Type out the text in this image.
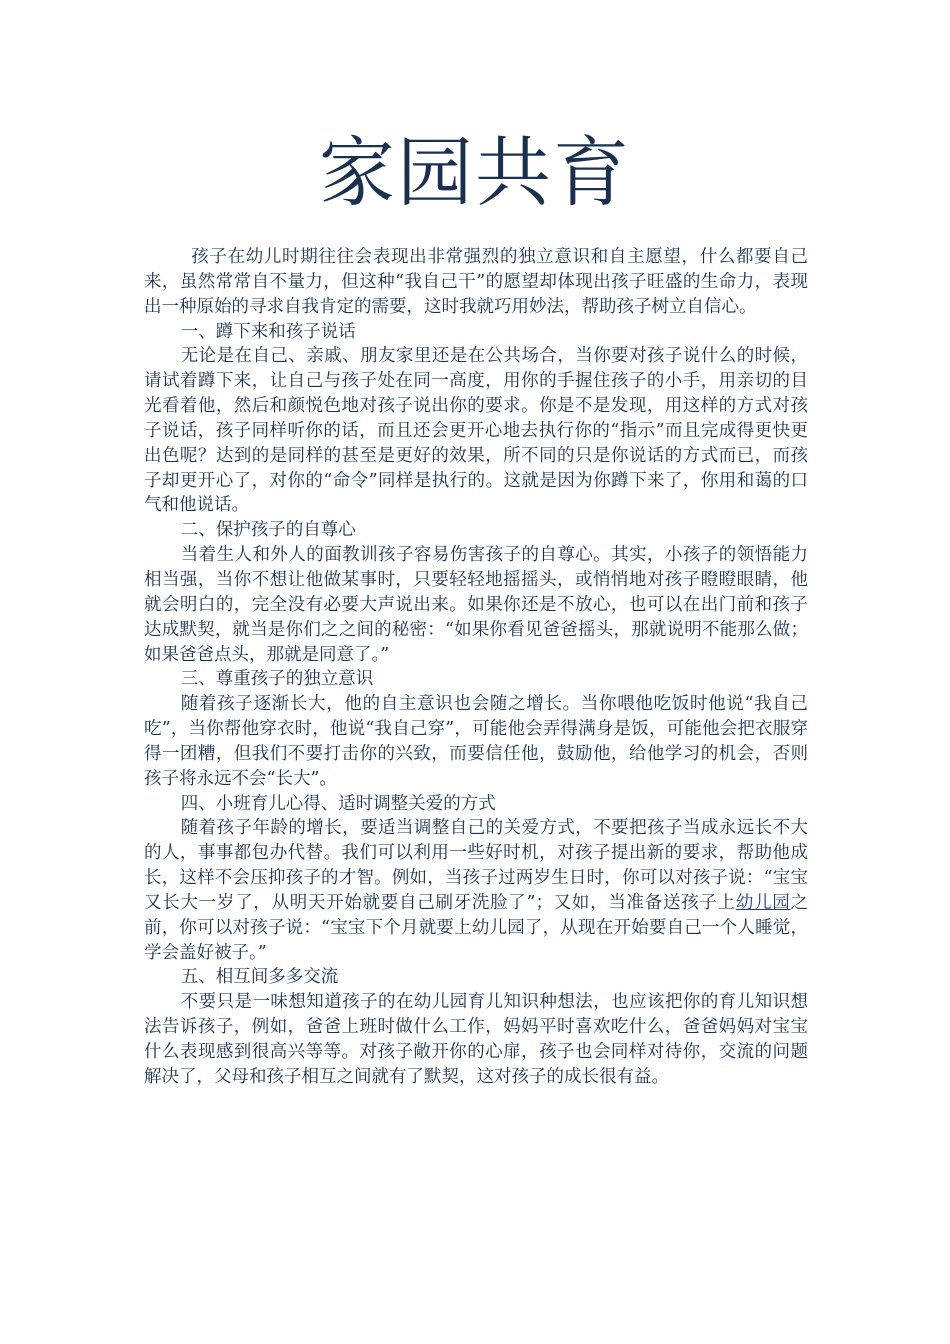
家园共育

孩子在幼儿时期往往会表现出非常强烈的独立意识和自主愿望，什么都要自己来，虽然常常自不量力，但这种“我自己干”的愿望却体现出孩子旺盛的生命力，表现出一种原始的寻求自我肯定的需要，这时我就巧用妙法，帮助孩子树立自信心。

一、蹲下来和孩子说话

无论是在自己、亲戚、朋友家里还是在公共场合，当你要对孩子说什么的时候，请试着蹲下来，让自己与孩子处在同一高度，用你的手握住孩子的小手，用亲切的目光看着他，然后和颜悦色地对孩子说出你的要求。你是不是发现，用这样的方式对孩子说话，孩子同样听你的话，而且还会更开心地去执行你的“指示”而且完成得更快更出色呢？达到的是同样的甚至是更好的效果，所不同的只是你说话的方式而已，而孩子却更开心了，对你的“命令”同样是执行的。这就是因为你蹲下来了，你用和蔼的口气和他说话。

二、保护孩子的自尊心

当着生人和外人的面教训孩子容易伤害孩子的自尊心。其实，小孩子的领悟能力相当强，当你不想让他做某事时，只要轻轻地摇摇头，或悄悄地对孩子瞪瞪眼睛，他就会明白的，完全没有必要大声说出来。如果你还是不放心，也可以在出门前和孩子达成默契，就当是你们之之间的秘密：“如果你看见爸爸摇头，那就说明不能那么做；如果爸爸点头，那就是同意了。”

三、尊重孩子的独立意识

随着孩子逐渐长大，他的自主意识也会随之增长。当你喂他吃饭时他说“我自己吃”，当你帮他穿衣时，他说“我自己穿”，可能他会弄得满身是饭，可能他会把衣服穿得一团糟，但我们不要打击你的兴致，而要信任他，鼓励他，给他学习的机会，否则孩子将永远不会“长大”。

四、小班育儿心得、适时调整关爱的方式

随着孩子年龄的增长，要适当调整自己的关爱方式，不要把孩子当成永远长不大的人，事事都包办代替。我们可以利用一些好时机，对孩子提出新的要求，帮助他成长，这样不会压抑孩子的才智。例如，当孩子过两岁生日时，你可以对孩子说：“宝宝又长大一岁了，从明天开始就要自己刷牙洗脸了”；又如，当准备送孩子上幼儿园之前，你可以对孩子说：“宝宝下个月就要上幼儿园了，从现在开始要自己一个人睡觉，学会盖好被子。”

五、相互间多多交流

不要只是一味想知道孩子的在幼儿园育儿知识种想法，也应该把你的育儿知识想法告诉孩子，例如，爸爸上班时做什么工作，妈妈平时喜欢吃什么，爸爸妈妈对宝宝什么表现感到很高兴等等。对孩子敞开你的心扉，孩子也会同样对待你，交流的问题解决了，父母和孩子相互之间就有了默契，这对孩子的成长很有益。
